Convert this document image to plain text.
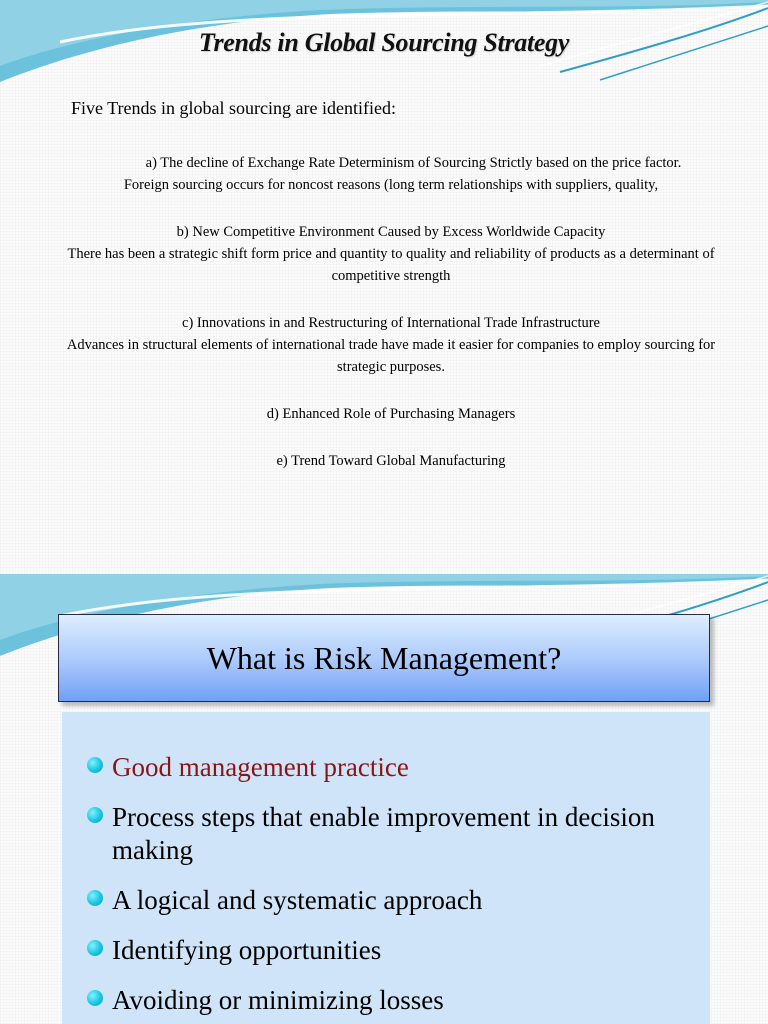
Trends in Global Sourcing Strategy
Five Trends in global sourcing are identified:

a) The decline of Exchange Rate Determinism of Sourcing Strictly based on the price factor.

Foreign sourcing occurs for noncost reasons (long term relationships with suppliers, quality,

b) New Competitive Environment Caused by Excess Worldwide Capacity

There has been a strategic shift form price and quantity to quality and reliability of products as a determinant of competitive strength

c) Innovations in and Restructuring of International Trade Infrastructure

Advances in structural elements of international trade have made it easier for companies to employ sourcing for strategic purposes.

d) Enhanced Role of Purchasing Managers

e) Trend Toward Global Manufacturing

What is Risk Management?
Good management practice
Process steps that enable improvement in decision making
A logical and systematic approach
Identifying opportunities
Avoiding or minimizing losses
